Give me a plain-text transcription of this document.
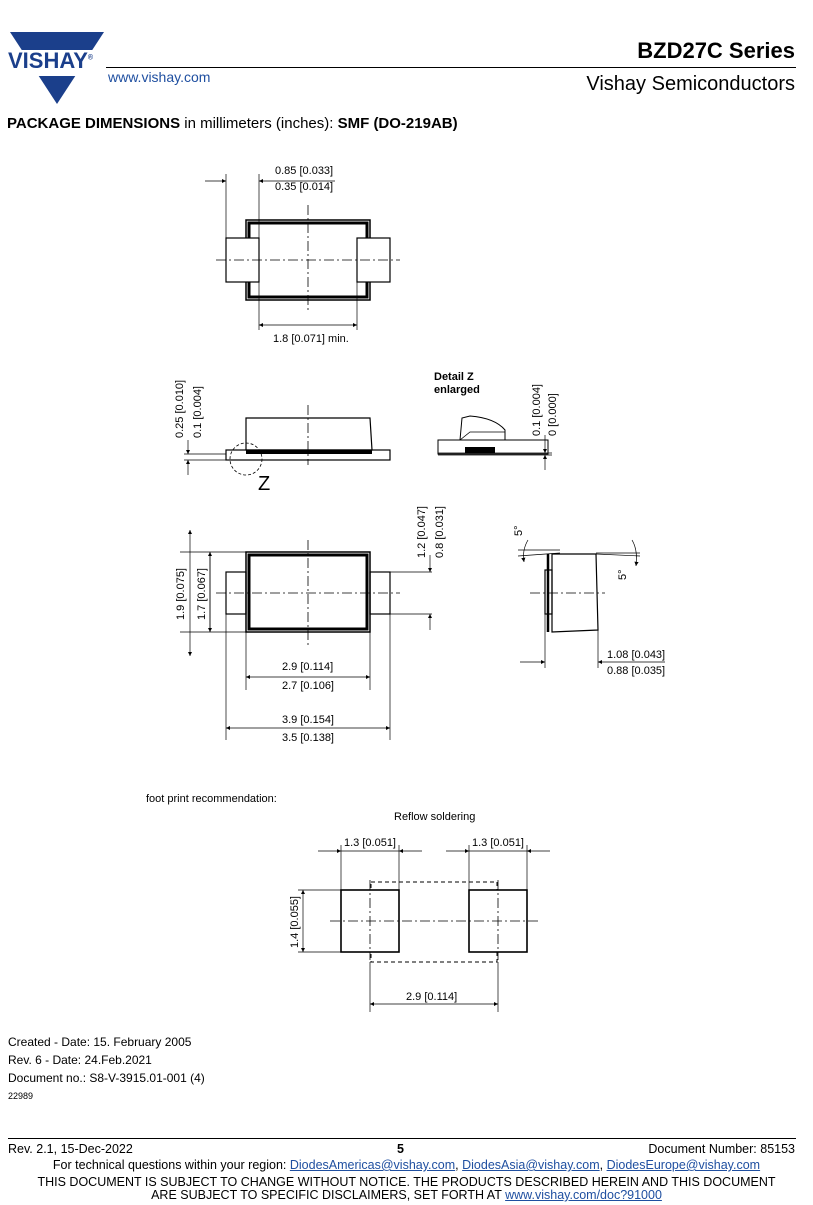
VISHAY®
www.vishay.com
BZD27C Series
Vishay Semiconductors
PACKAGE DIMENSIONS in millimeters (inches): SMF (DO-219AB)
0.85 [0.033]
0.35 [0.014]
1.8 [0.071] min.
0.25 [0.010] 0.1 [0.004]
Z
Detail Z
enlarged	0.1 [0.004] 0 [0.000]
1.9 [0.075] 1.7 [0.067]
1.2 [0.047] 0.8 [0.031]
2.9 [0.114]
2.7 [0.106]
3.9 [0.154]
3.5 [0.138]
5°
5°
1.08 [0.043]
0.88 [0.035]
foot print recommendation:
Reflow soldering
1.3 [0.051]	1.3 [0.051]
1.4 [0.055]
2.9 [0.114]
Created - Date: 15. February 2005
Rev. 6 - Date: 24.Feb.2021
Document no.: S8-V-3915.01-001 (4)
22989
Rev. 2.1, 15-Dec-2022	5	Document Number: 85153
For technical questions within your region: DiodesAmericas@vishay.com, DiodesAsia@vishay.com, DiodesEurope@vishay.com
THIS DOCUMENT IS SUBJECT TO CHANGE WITHOUT NOTICE. THE PRODUCTS DESCRIBED HEREIN AND THIS DOCUMENT
ARE SUBJECT TO SPECIFIC DISCLAIMERS, SET FORTH AT www.vishay.com/doc?91000
